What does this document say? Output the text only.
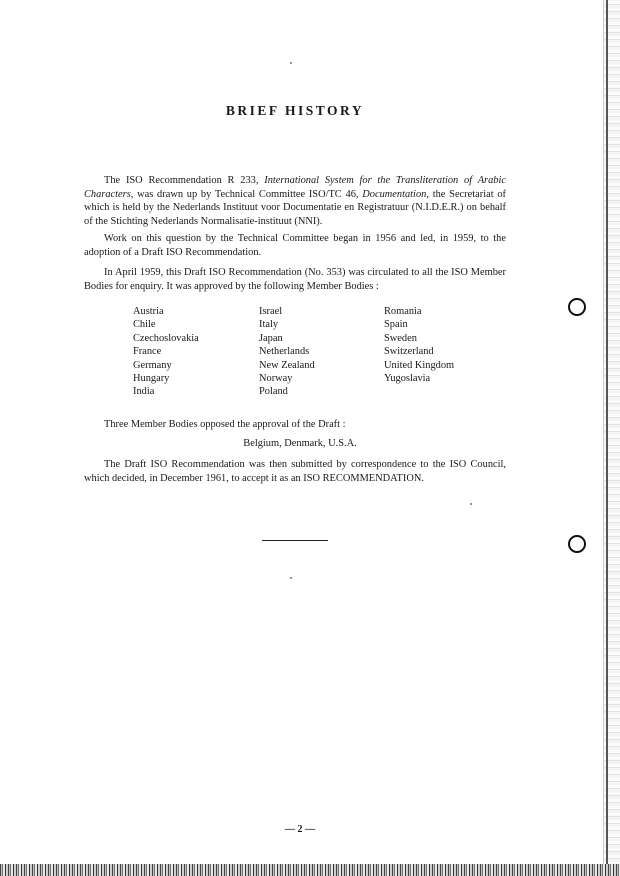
BRIEF HISTORY

The ISO Recommendation R 233, International System for the Transliteration of Arabic Characters, was drawn up by Technical Committee ISO/TC 46, Documentation, the Secretariat of which is held by the Nederlands Instituut voor Documentatie en Registratuur (N.I.D.E.R.) on behalf of the Stichting Nederlands Normalisatie-instituut (NNI).

Work on this question by the Technical Committee began in 1956 and led, in 1959, to the adoption of a Draft ISO Recommendation.

In April 1959, this Draft ISO Recommendation (No. 353) was circulated to all the ISO Member Bodies for enquiry. It was approved by the following Member Bodies :

Austria
Chile
Czechoslovakia
France
Germany
Hungary
India
Israel
Italy
Japan
Netherlands
New Zealand
Norway
Poland
Romania
Spain
Sweden
Switzerland
United Kingdom
Yugoslavia

Three Member Bodies opposed the approval of the Draft :

Belgium, Denmark, U.S.A.

The Draft ISO Recommendation was then submitted by correspondence to the ISO Council, which decided, in December 1961, to accept it as an ISO RECOMMENDATION.

— 2 —
